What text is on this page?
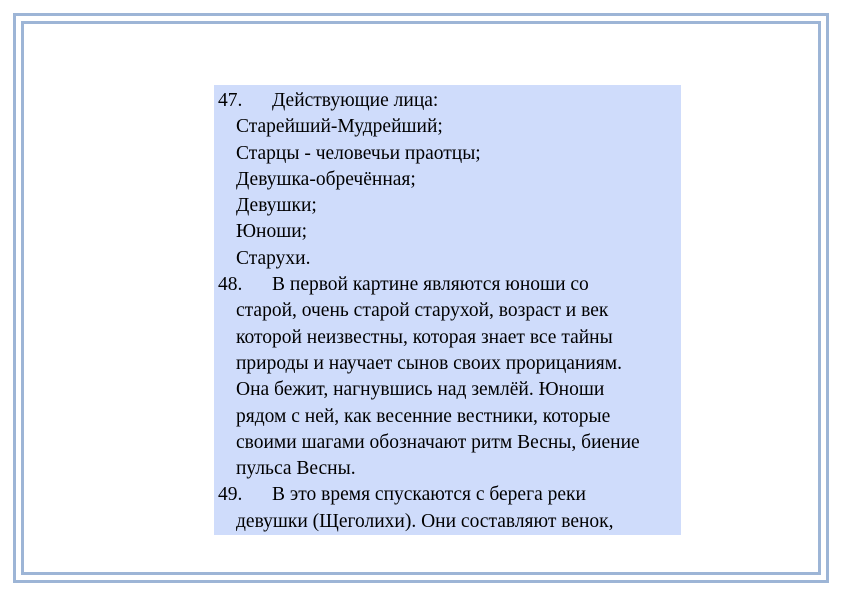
47. Действующие лица:
Старейший-Мудрейший;
Старцы - человечьи праотцы;
Девушка-обречённая;
Девушки;
Юноши;
Старухи.
48. В первой картине являются юноши со
старой, очень старой старухой, возраст и век
которой неизвестны, которая знает все тайны
природы и научает сынов своих прорицаниям.
Она бежит, нагнувшись над землёй. Юноши
рядом с ней, как весенние вестники, которые
своими шагами обозначают ритм Весны, биение
пульса Весны.
49. В это время спускаются с берега реки
девушки (Щеголихи). Они составляют венок,
